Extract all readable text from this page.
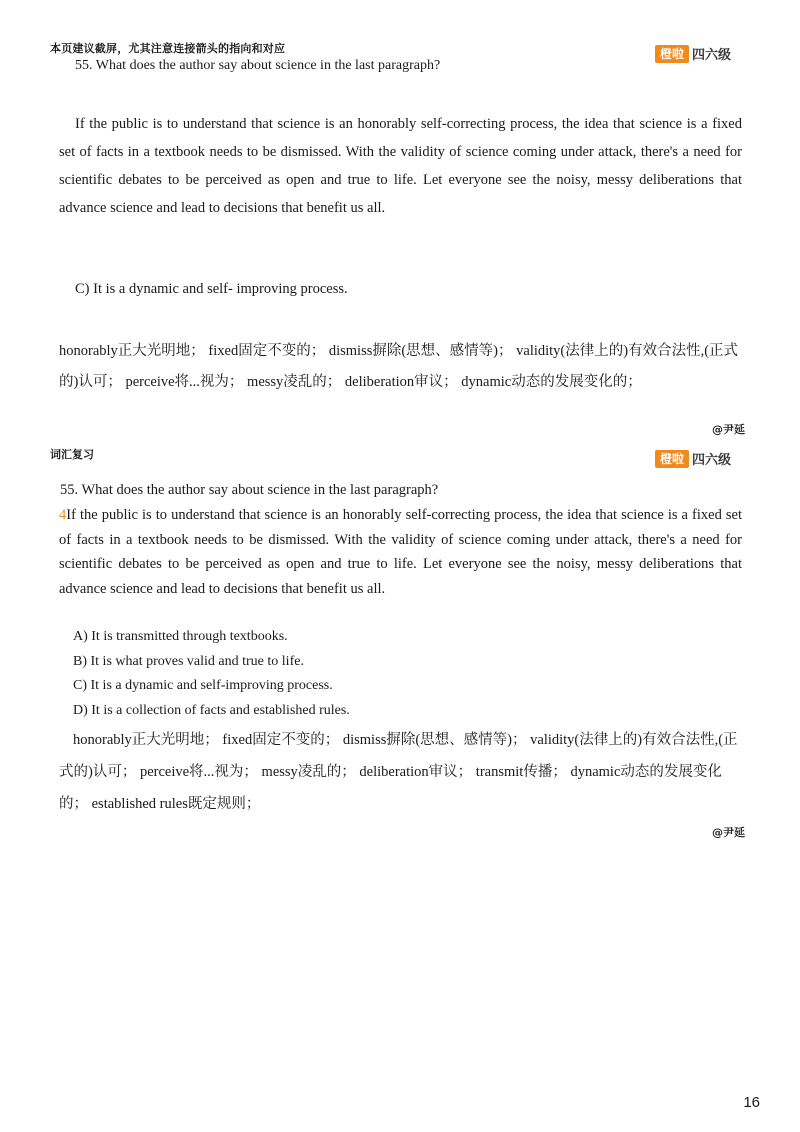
本页建议截屏，尤其注意连接箭头的指向和对应	橙啦 四六级
55. What does the author say about science in the last paragraph?

If the public is to understand that science is an honorably self-correcting process, the idea that science is a fixed set of facts in a textbook needs to be dismissed. With the validity of science coming under attack, there's a need for scientific debates to be perceived as open and true to life. Let everyone see the noisy, messy deliberations that advance science and lead to decisions that benefit us all.

C) It is a dynamic and self- improving process.

honorably正大光明地； fixed固定不变的； dismiss摒除(思想、感情等)； validity(法律上的)有效合法性,(正式的)认可； perceive将...视为； messy凌乱的； deliberation审议； dynamic动态的发展变化的；

@尹延
词汇复习	橙啦 四六级
55. What does the author say about science in the last paragraph?

4If the public is to understand that science is an honorably self-correcting process, the idea that science is a fixed set of facts in a textbook needs to be dismissed. With the validity of science coming under attack, there's a need for scientific debates to be perceived as open and true to life. Let everyone see the noisy, messy deliberations that advance science and lead to decisions that benefit us all.

A) It is transmitted through textbooks.
B) It is what proves valid and true to life.
C) It is a dynamic and self-improving process.
D) It is a collection of facts and established rules.

honorably正大光明地； fixed固定不变的； dismiss摒除(思想、感情等)； validity(法律上的)有效合法性,(正式的)认可； perceive将...视为； messy凌乱的； deliberation审议； transmit传播； dynamic动态的发展变化的； established rules既定规则；

@尹延
16
